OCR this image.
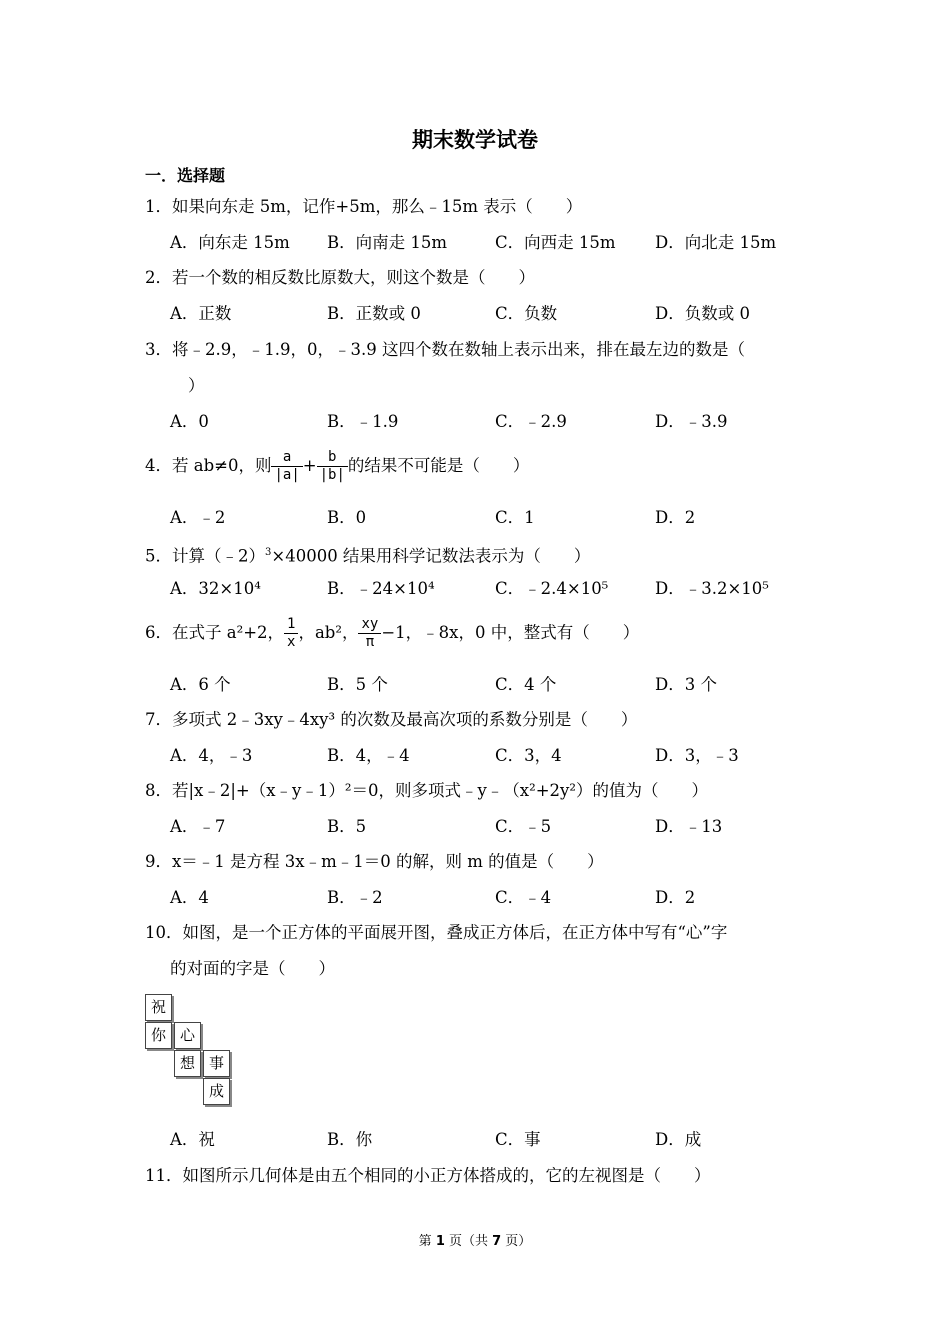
期末数学试卷
一．选择题
1．如果向东走 5m，记作+5m，那么﹣15m 表示（　　）
A．向东走 15m B．向南走 15m	C．向西走 15m D．向北走 15m
2．若一个数的相反数比原数大，则这个数是（　　）
A．正数	B．正数或 0	C．负数	D．负数或 0
3．将﹣2.9，﹣1.9，0，﹣3.9 这四个数在数轴上表示出来，排在最左边的数是（
）
A．0	B．﹣1.9	C．﹣2.9	D．﹣3.9
4．若 ab≠0，则 $\frac{a}{|a|} + \frac{b}{|b|}$ 的结果不可能是（　　）
A．﹣2	B．0	C．1	D．2
5．计算（﹣2）$^3$×40000 结果用科学记数法表示为（　　）
A．32×10⁴	B．﹣24×10⁴	C．﹣2.4×10⁵	D．﹣3.2×10⁵
6．在式子 a²+2， $\frac{1}{x}$ ，ab²， $\frac{xy}{\pi} -1$，﹣8x，0 中，整式有（　　）
A．6 个	B．5 个	C．4 个	D．3 个
7．多项式 2﹣3xy﹣4xy³ 的次数及最高次项的系数分别是（　　）
A．4，﹣3	B．4，﹣4	C．3，4	D．3，﹣3
8．若|x﹣2|+（x﹣y﹣1）²＝0，则多项式﹣y﹣（x²+2y²）的值为（　　）
A．﹣7	B．5	C．﹣5	D．﹣13
9．x＝﹣1 是方程 3x﹣m﹣1＝0 的解，则 m 的值是（　　）
A．4	B．﹣2	C．﹣4	D．2
10．如图，是一个正方体的平面展开图，叠成正方体后，在正方体中写有“心”字
的对面的字是（　　）
祝
你 心
想 事
成
A．祝	B．你	C．事	D．成
11．如图所示几何体是由五个相同的小正方体搭成的，它的左视图是（　　）
第 1 页（共 7 页）
